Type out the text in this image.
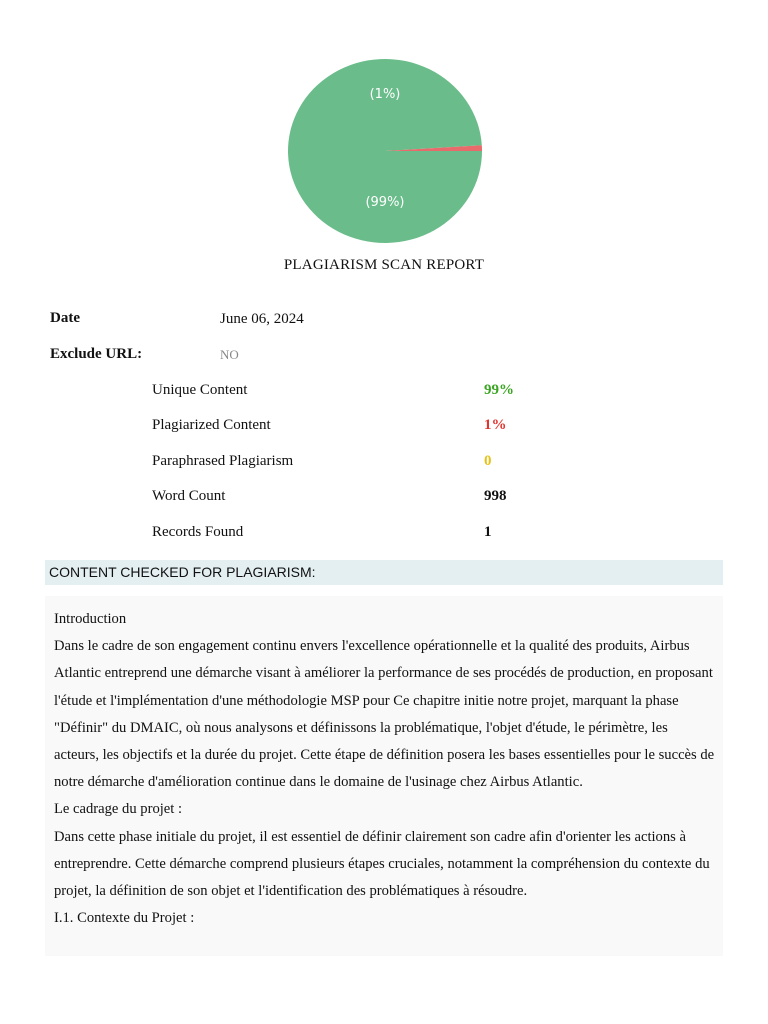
(99%)
(1%)
PLAGIARISM SCAN REPORT
Date	June 06, 2024
Exclude URL:	NO
Unique Content	99%
Plagiarized Content	1%
Paraphrased Plagiarism	0
Word Count	998
Records Found	1
CONTENT CHECKED FOR PLAGIARISM:

Introduction

Dans le cadre de son engagement continu envers l'excellence opérationnelle et la qualité des produits, Airbus Atlantic entreprend une démarche visant à améliorer la performance de ses procédés de production, en proposant l'étude et l'implémentation d'une méthodologie MSP pour Ce chapitre initie notre projet, marquant la phase "Définir" du DMAIC, où nous analysons et définissons la problématique, l'objet d'étude, le périmètre, les acteurs, les objectifs et la durée du projet. Cette étape de définition posera les bases essentielles pour le succès de notre démarche d'amélioration continue dans le domaine de l'usinage chez Airbus Atlantic.

Le cadrage du projet :

Dans cette phase initiale du projet, il est essentiel de définir clairement son cadre afin d'orienter les actions à entreprendre. Cette démarche comprend plusieurs étapes cruciales, notamment la compréhension du contexte du projet, la définition de son objet et l'identification des problématiques à résoudre.

I.1. Contexte du Projet :
